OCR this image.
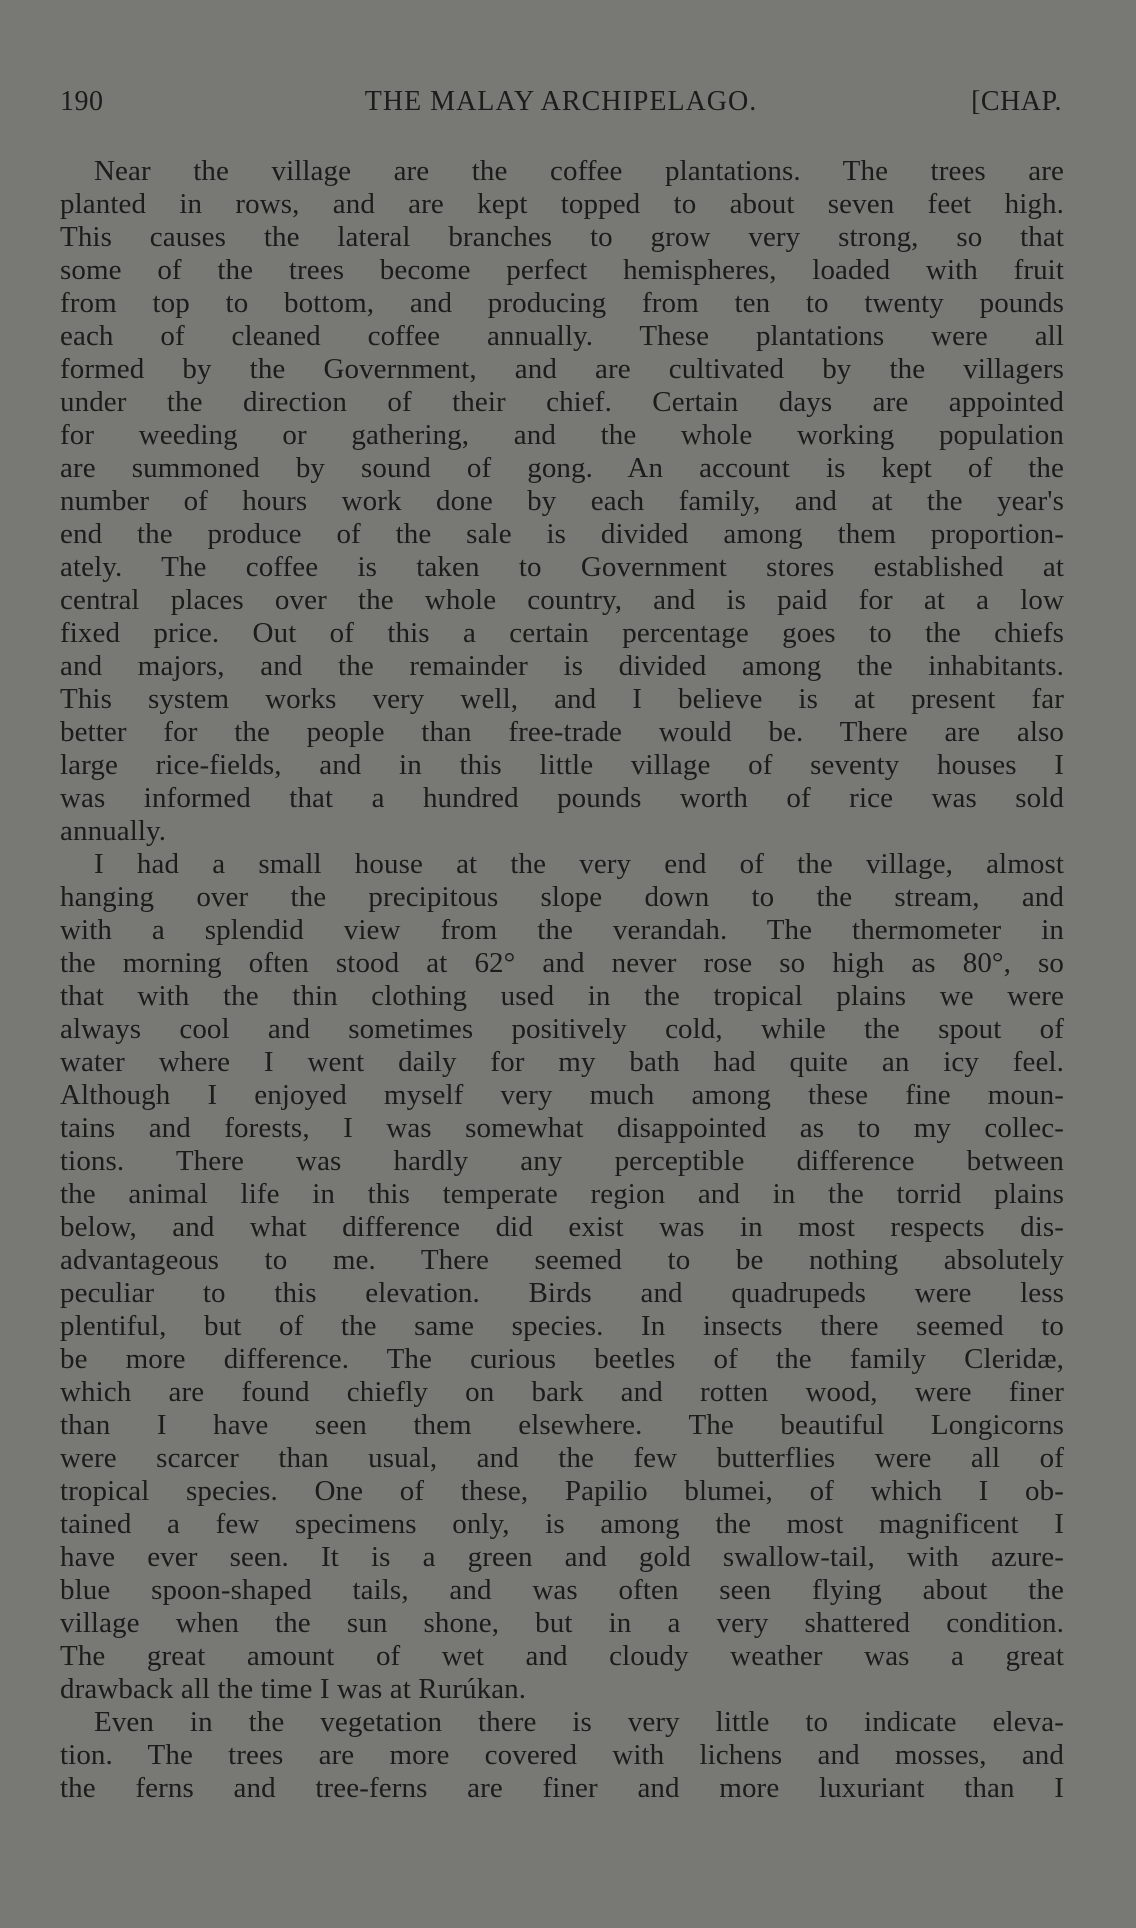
190	THE MALAY ARCHIPELAGO.	[CHAP.
Near the village are the coffee plantations. The trees are
planted in rows, and are kept topped to about seven feet high.
This causes the lateral branches to grow very strong, so that
some of the trees become perfect hemispheres, loaded with fruit
from top to bottom, and producing from ten to twenty pounds
each of cleaned coffee annually. These plantations were all
formed by the Government, and are cultivated by the villagers
under the direction of their chief. Certain days are appointed
for weeding or gathering, and the whole working population
are summoned by sound of gong. An account is kept of the
number of hours work done by each family, and at the year's
end the produce of the sale is divided among them proportion-
ately. The coffee is taken to Government stores established at
central places over the whole country, and is paid for at a low
fixed price. Out of this a certain percentage goes to the chiefs
and majors, and the remainder is divided among the inhabitants.
This system works very well, and I believe is at present far
better for the people than free-trade would be. There are also
large rice-fields, and in this little village of seventy houses I
was informed that a hundred pounds worth of rice was sold
annually.
I had a small house at the very end of the village, almost
hanging over the precipitous slope down to the stream, and
with a splendid view from the verandah. The thermometer in
the morning often stood at 62° and never rose so high as 80°, so
that with the thin clothing used in the tropical plains we were
always cool and sometimes positively cold, while the spout of
water where I went daily for my bath had quite an icy feel.
Although I enjoyed myself very much among these fine moun-
tains and forests, I was somewhat disappointed as to my collec-
tions. There was hardly any perceptible difference between
the animal life in this temperate region and in the torrid plains
below, and what difference did exist was in most respects dis-
advantageous to me. There seemed to be nothing absolutely
peculiar to this elevation. Birds and quadrupeds were less
plentiful, but of the same species. In insects there seemed to
be more difference. The curious beetles of the family Cleridæ,
which are found chiefly on bark and rotten wood, were finer
than I have seen them elsewhere. The beautiful Longicorns
were scarcer than usual, and the few butterflies were all of
tropical species. One of these, Papilio blumei, of which I ob-
tained a few specimens only, is among the most magnificent I
have ever seen. It is a green and gold swallow-tail, with azure-
blue spoon-shaped tails, and was often seen flying about the
village when the sun shone, but in a very shattered condition.
The great amount of wet and cloudy weather was a great
drawback all the time I was at Rurúkan.
Even in the vegetation there is very little to indicate eleva-
tion. The trees are more covered with lichens and mosses, and
the ferns and tree-ferns are finer and more luxuriant than I
